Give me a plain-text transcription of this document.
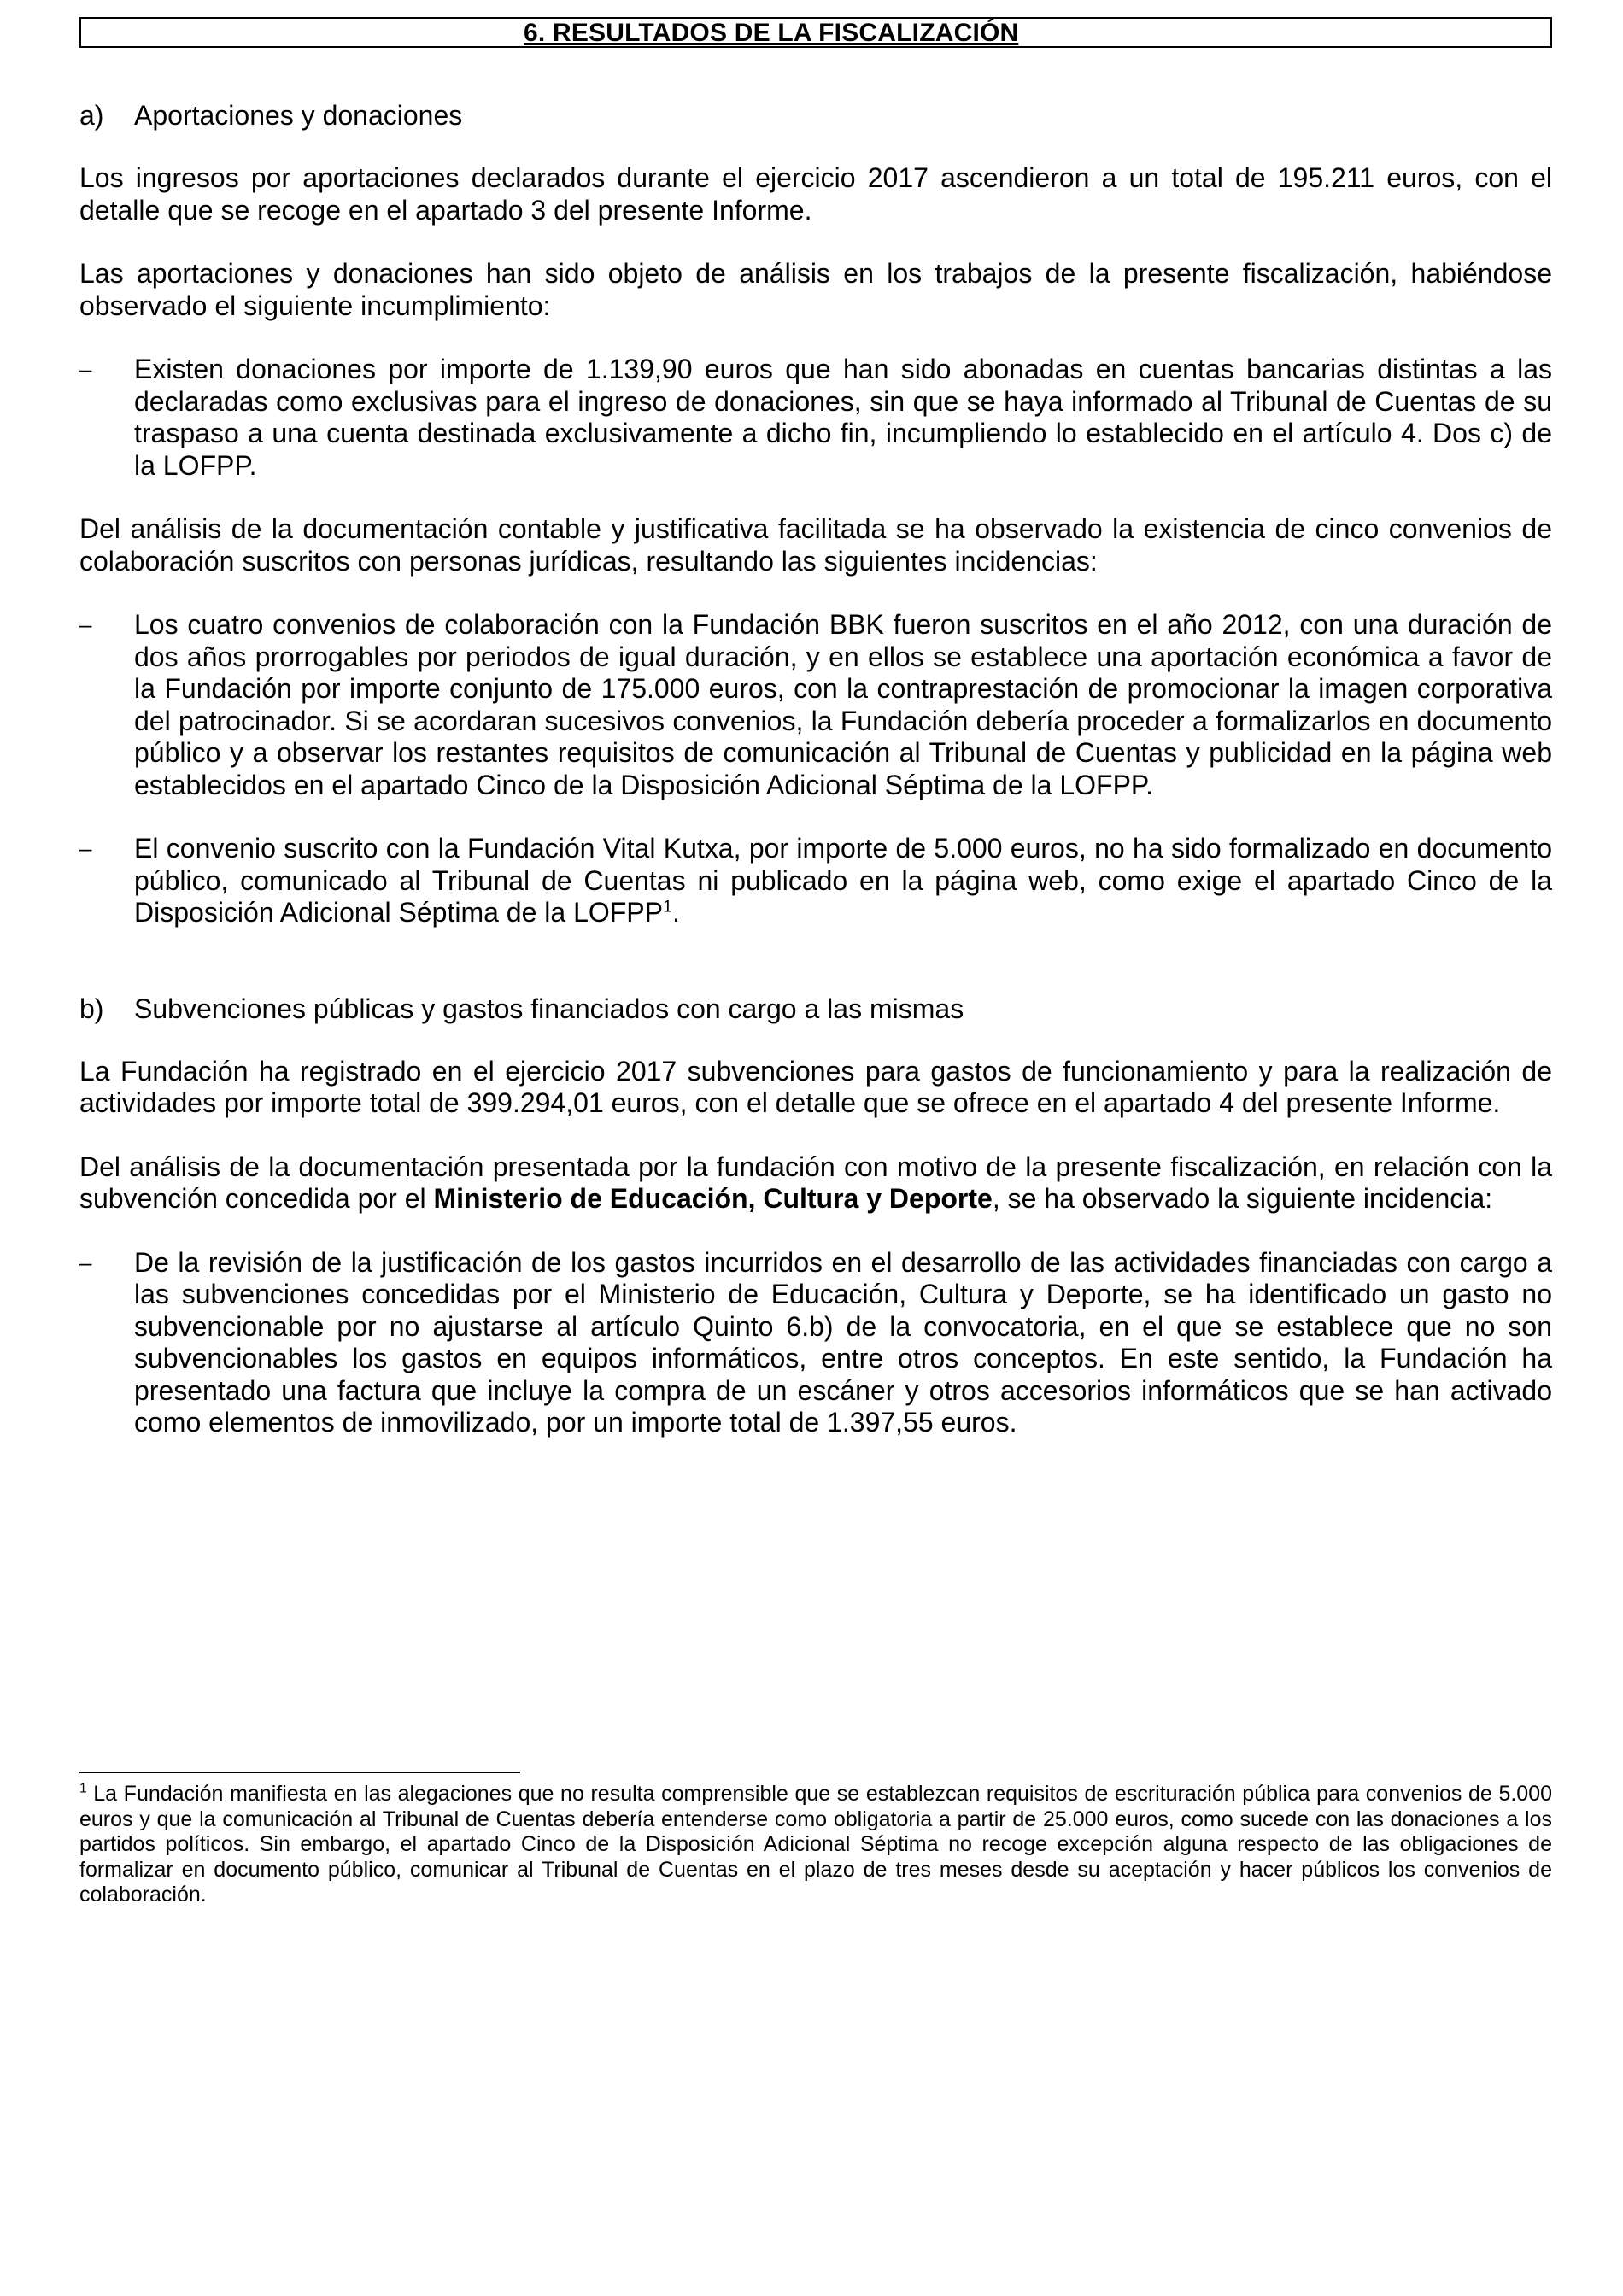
6. RESULTADOS DE LA FISCALIZACIÓN
a)	Aportaciones y donaciones

Los ingresos por aportaciones declarados durante el ejercicio 2017 ascendieron a un total de 195.211 euros, con el detalle que se recoge en el apartado 3 del presente Informe.

Las aportaciones y donaciones han sido objeto de análisis en los trabajos de la presente fiscalización, habiéndose observado el siguiente incumplimiento:

–	Existen donaciones por importe de 1.139,90 euros que han sido abonadas en cuentas bancarias distintas a las declaradas como exclusivas para el ingreso de donaciones, sin que se haya informado al Tribunal de Cuentas de su traspaso a una cuenta destinada exclusivamente a dicho fin, incumpliendo lo establecido en el artículo 4. Dos c) de la LOFPP.

Del análisis de la documentación contable y justificativa facilitada se ha observado la existencia de cinco convenios de colaboración suscritos con personas jurídicas, resultando las siguientes incidencias:

–	Los cuatro convenios de colaboración con la Fundación BBK fueron suscritos en el año 2012, con una duración de dos años prorrogables por periodos de igual duración, y en ellos se establece una aportación económica a favor de la Fundación por importe conjunto de 175.000 euros, con la contraprestación de promocionar la imagen corporativa del patrocinador. Si se acordaran sucesivos convenios, la Fundación debería proceder a formalizarlos en documento público y a observar los restantes requisitos de comunicación al Tribunal de Cuentas y publicidad en la página web establecidos en el apartado Cinco de la Disposición Adicional Séptima de la LOFPP.
–	El convenio suscrito con la Fundación Vital Kutxa, por importe de 5.000 euros, no ha sido formalizado en documento público, comunicado al Tribunal de Cuentas ni publicado en la página web, como exige el apartado Cinco de la Disposición Adicional Séptima de la LOFPP$^1$.
b)	Subvenciones públicas y gastos financiados con cargo a las mismas

La Fundación ha registrado en el ejercicio 2017 subvenciones para gastos de funcionamiento y para la realización de actividades por importe total de 399.294,01 euros, con el detalle que se ofrece en el apartado 4 del presente Informe.

Del análisis de la documentación presentada por la fundación con motivo de la presente fiscalización, en relación con la subvención concedida por el Ministerio de Educación, Cultura y Deporte, se ha observado la siguiente incidencia:

–	De la revisión de la justificación de los gastos incurridos en el desarrollo de las actividades financiadas con cargo a las subvenciones concedidas por el Ministerio de Educación, Cultura y Deporte, se ha identificado un gasto no subvencionable por no ajustarse al artículo Quinto 6.b) de la convocatoria, en el que se establece que no son subvencionables los gastos en equipos informáticos, entre otros conceptos. En este sentido, la Fundación ha presentado una factura que incluye la compra de un escáner y otros accesorios informáticos que se han activado como elementos de inmovilizado, por un importe total de 1.397,55 euros.
$^1$ La Fundación manifiesta en las alegaciones que no resulta comprensible que se establezcan requisitos de escrituración pública para convenios de 5.000 euros y que la comunicación al Tribunal de Cuentas debería entenderse como obligatoria a partir de 25.000 euros, como sucede con las donaciones a los partidos políticos. Sin embargo, el apartado Cinco de la Disposición Adicional Séptima no recoge excepción alguna respecto de las obligaciones de formalizar en documento público, comunicar al Tribunal de Cuentas en el plazo de tres meses desde su aceptación y hacer públicos los convenios de colaboración.
